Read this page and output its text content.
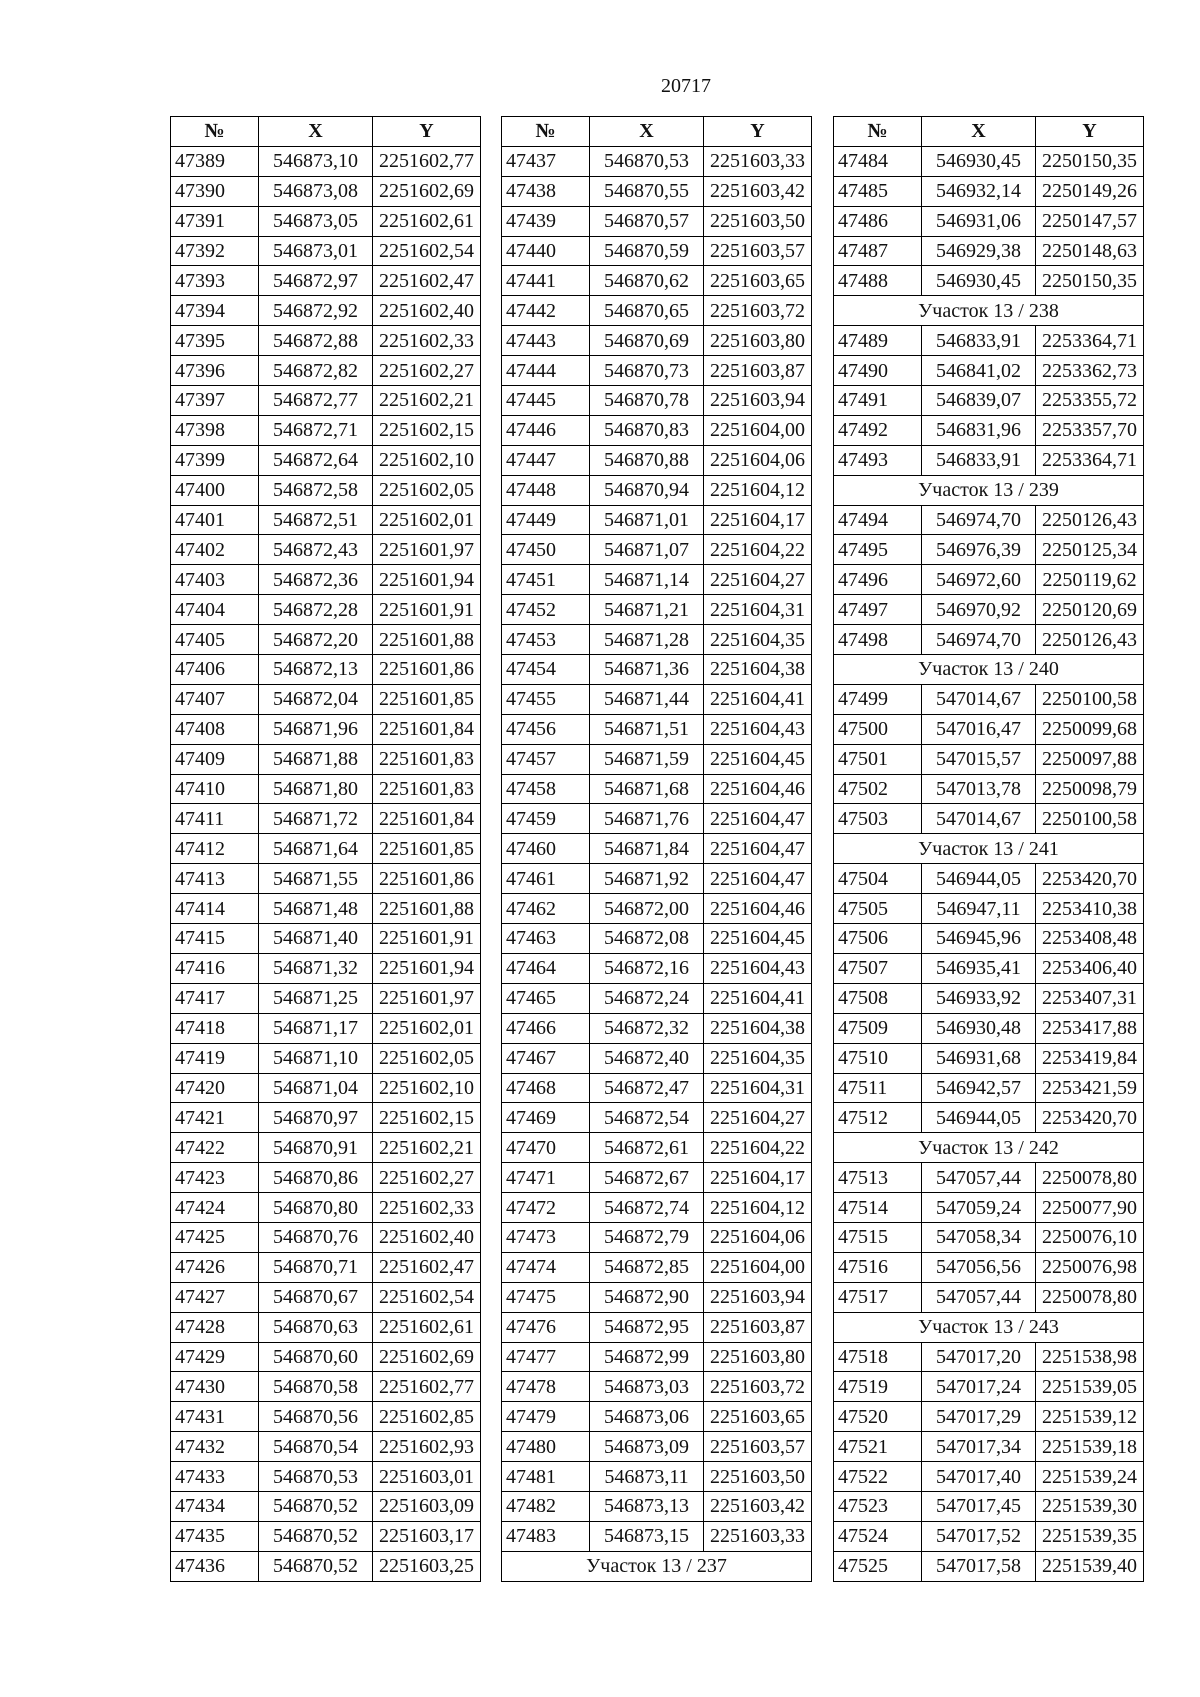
20717
№	X	Y
47389	546873,10	2251602,77
47390	546873,08	2251602,69
47391	546873,05	2251602,61
47392	546873,01	2251602,54
47393	546872,97	2251602,47
47394	546872,92	2251602,40
47395	546872,88	2251602,33
47396	546872,82	2251602,27
47397	546872,77	2251602,21
47398	546872,71	2251602,15
47399	546872,64	2251602,10
47400	546872,58	2251602,05
47401	546872,51	2251602,01
47402	546872,43	2251601,97
47403	546872,36	2251601,94
47404	546872,28	2251601,91
47405	546872,20	2251601,88
47406	546872,13	2251601,86
47407	546872,04	2251601,85
47408	546871,96	2251601,84
47409	546871,88	2251601,83
47410	546871,80	2251601,83
47411	546871,72	2251601,84
47412	546871,64	2251601,85
47413	546871,55	2251601,86
47414	546871,48	2251601,88
47415	546871,40	2251601,91
47416	546871,32	2251601,94
47417	546871,25	2251601,97
47418	546871,17	2251602,01
47419	546871,10	2251602,05
47420	546871,04	2251602,10
47421	546870,97	2251602,15
47422	546870,91	2251602,21
47423	546870,86	2251602,27
47424	546870,80	2251602,33
47425	546870,76	2251602,40
47426	546870,71	2251602,47
47427	546870,67	2251602,54
47428	546870,63	2251602,61
47429	546870,60	2251602,69
47430	546870,58	2251602,77
47431	546870,56	2251602,85
47432	546870,54	2251602,93
47433	546870,53	2251603,01
47434	546870,52	2251603,09
47435	546870,52	2251603,17
47436	546870,52	2251603,25
№	X	Y
47437	546870,53	2251603,33
47438	546870,55	2251603,42
47439	546870,57	2251603,50
47440	546870,59	2251603,57
47441	546870,62	2251603,65
47442	546870,65	2251603,72
47443	546870,69	2251603,80
47444	546870,73	2251603,87
47445	546870,78	2251603,94
47446	546870,83	2251604,00
47447	546870,88	2251604,06
47448	546870,94	2251604,12
47449	546871,01	2251604,17
47450	546871,07	2251604,22
47451	546871,14	2251604,27
47452	546871,21	2251604,31
47453	546871,28	2251604,35
47454	546871,36	2251604,38
47455	546871,44	2251604,41
47456	546871,51	2251604,43
47457	546871,59	2251604,45
47458	546871,68	2251604,46
47459	546871,76	2251604,47
47460	546871,84	2251604,47
47461	546871,92	2251604,47
47462	546872,00	2251604,46
47463	546872,08	2251604,45
47464	546872,16	2251604,43
47465	546872,24	2251604,41
47466	546872,32	2251604,38
47467	546872,40	2251604,35
47468	546872,47	2251604,31
47469	546872,54	2251604,27
47470	546872,61	2251604,22
47471	546872,67	2251604,17
47472	546872,74	2251604,12
47473	546872,79	2251604,06
47474	546872,85	2251604,00
47475	546872,90	2251603,94
47476	546872,95	2251603,87
47477	546872,99	2251603,80
47478	546873,03	2251603,72
47479	546873,06	2251603,65
47480	546873,09	2251603,57
47481	546873,11	2251603,50
47482	546873,13	2251603,42
47483	546873,15	2251603,33
Участок 13 / 237		
№	X	Y
47484	546930,45	2250150,35
47485	546932,14	2250149,26
47486	546931,06	2250147,57
47487	546929,38	2250148,63
47488	546930,45	2250150,35
Участок 13 / 238		
47489	546833,91	2253364,71
47490	546841,02	2253362,73
47491	546839,07	2253355,72
47492	546831,96	2253357,70
47493	546833,91	2253364,71
Участок 13 / 239		
47494	546974,70	2250126,43
47495	546976,39	2250125,34
47496	546972,60	2250119,62
47497	546970,92	2250120,69
47498	546974,70	2250126,43
Участок 13 / 240		
47499	547014,67	2250100,58
47500	547016,47	2250099,68
47501	547015,57	2250097,88
47502	547013,78	2250098,79
47503	547014,67	2250100,58
Участок 13 / 241		
47504	546944,05	2253420,70
47505	546947,11	2253410,38
47506	546945,96	2253408,48
47507	546935,41	2253406,40
47508	546933,92	2253407,31
47509	546930,48	2253417,88
47510	546931,68	2253419,84
47511	546942,57	2253421,59
47512	546944,05	2253420,70
Участок 13 / 242		
47513	547057,44	2250078,80
47514	547059,24	2250077,90
47515	547058,34	2250076,10
47516	547056,56	2250076,98
47517	547057,44	2250078,80
Участок 13 / 243		
47518	547017,20	2251538,98
47519	547017,24	2251539,05
47520	547017,29	2251539,12
47521	547017,34	2251539,18
47522	547017,40	2251539,24
47523	547017,45	2251539,30
47524	547017,52	2251539,35
47525	547017,58	2251539,40
